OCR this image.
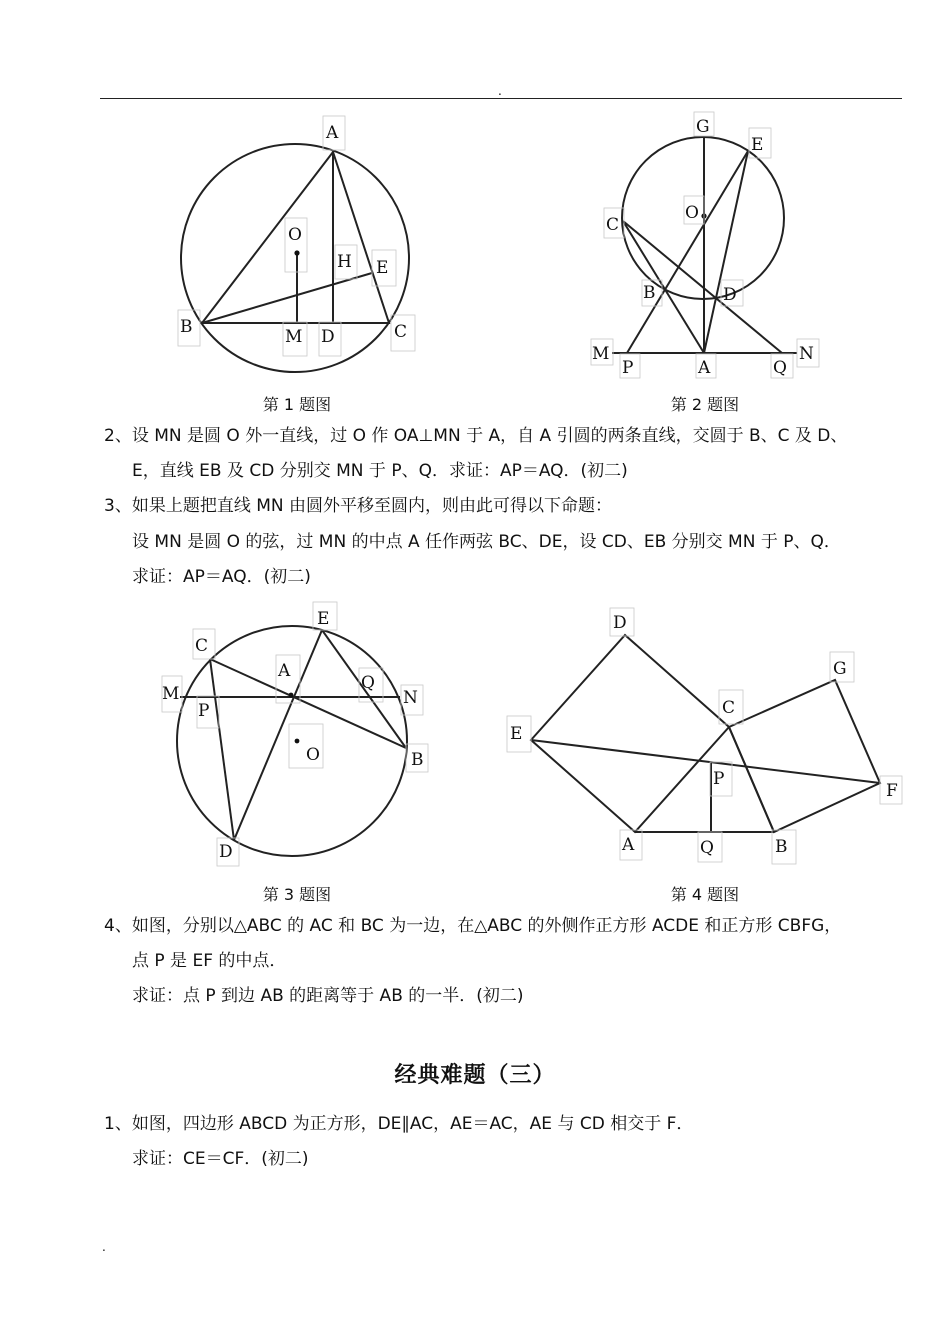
.
A
O
H E
B	M D	C
G
E
O
C
B	D
M	N
P	A	Q
E
C
A
Q
M	N
P
O	B
D
D
G
C
E
P
F
A	Q	B
第 1 题图	第 2 题图
第 3 题图	第 4 题图
2、设 MN 是圆 O 外一直线，过 O 作 OA⊥MN 于 A，自 A 引圆的两条直线，交圆于 B、C 及 D、
E，直线 EB 及 CD 分别交 MN 于 P、Q．求证：AP＝AQ．(初二)
3、如果上题把直线 MN 由圆外平移至圆内，则由此可得以下命题：
设 MN 是圆 O 的弦，过 MN 的中点 A 任作两弦 BC、DE，设 CD、EB 分别交 MN 于 P、Q．
求证：AP＝AQ．(初二)
4、如图，分别以△ABC 的 AC 和 BC 为一边，在△ABC 的外侧作正方形 ACDE 和正方形 CBFG，
点 P 是 EF 的中点．
求证：点 P 到边 AB 的距离等于 AB 的一半．(初二)
经典难题（三）
1、如图，四边形 ABCD 为正方形，DE∥AC，AE＝AC，AE 与 CD 相交于 F．
求证：CE＝CF．(初二)
.
